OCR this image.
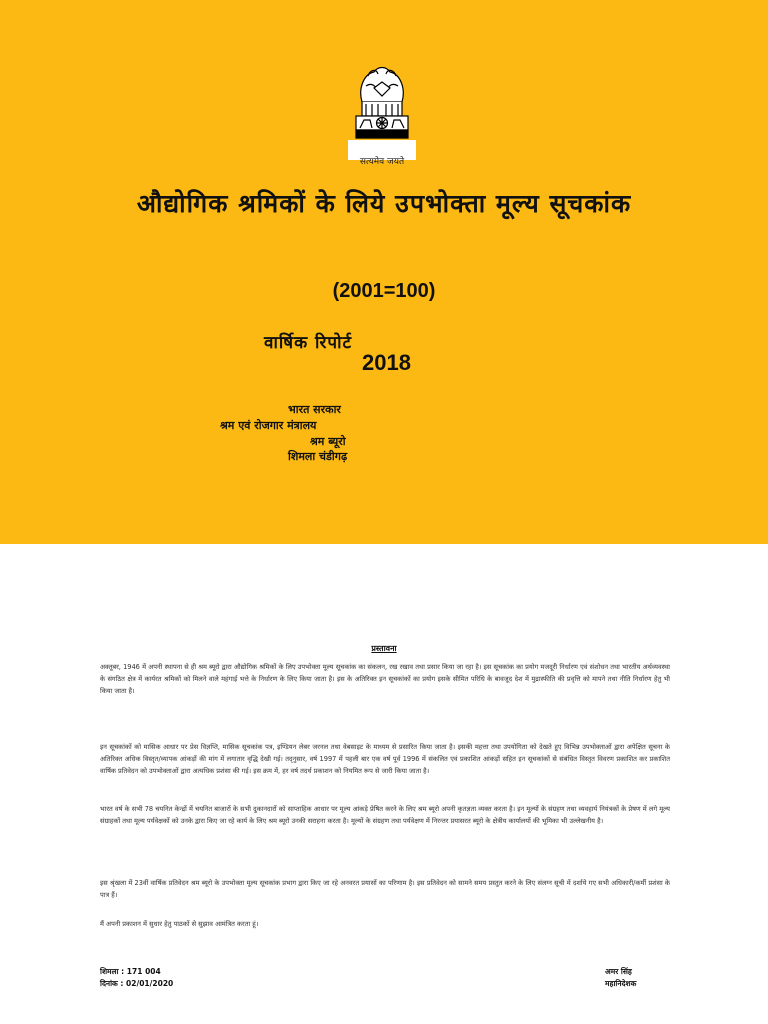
सत्यमेव जयते
औद्योगिक श्रमिकों के लिये उपभोक्ता मूल्य सूचकांक
(2001=100)
वार्षिक रिपोर्ट
2018
भारत सरकार
श्रम एवं रोजगार मंत्रालय
श्रम ब्यूरो
शिमला चंडीगढ़
प्रस्तावना

अक्तूबर, 1946 में अपनी स्थापना से ही श्रम ब्यूरो द्वारा औद्योगिक श्रमिकों के लिए उपभोक्ता मूल्य सूचकांक का संकलन, रख रखाव तथा प्रसार किया जा रहा है। इस सूचकांक का प्रयोग मजदूरी निर्धारण एवं संशोधन तथा भारतीय अर्थव्यवस्था के संगठित क्षेत्र में कार्यरत श्रमिकों को मिलने वाले महंगाई भत्ते के निर्धारण के लिए किया जाता है। इस के अतिरिक्त इन सूचकांकों का प्रयोग इसके सीमित परिधि के बावजूद देश में मुद्रास्फीति की प्रवृत्ति को मापने तथा नीति निर्धारण हेतु भी किया जाता है।

इन सूचकांकों को मासिक आधार पर प्रेस विज्ञप्ति, मासिक सूचकांक पत्र, इण्डियन लेबर जरनल तथा वेबसाइट के माध्यम से प्रसारित किया जाता है। इसकी महत्ता तथा उपयोगिता को देखते हुए विभिन्न उपभोक्ताओं द्वारा अपेक्षित सूचना के अतिरिक्त अधिक विस्तृत/व्यापक आंकड़ों की मांग में लगातार वृद्धि देखी गई। तद्नुसार, वर्ष 1997 में पहली बार एक वर्ष पूर्व 1996 में संकलित एवं प्रकाशित आंकड़ों सहित इन सूचकांकों से संबंधित विस्तृत विवरण प्रकाशित कर प्रकाशित वार्षिक प्रतिवेदन को उपभोक्ताओं द्वारा अत्यधिक प्रशंसा की गई। इस क्रम में, हर वर्ष तदर्थ प्रकाशन को नियमित रूप से जारी किया जाता है।

भारत वर्ष के सभी 78 चयनित केन्द्रों में चयनित बाजारों के सभी दुकानदारों को साप्ताहिक आधार पर मूल्य आंकड़े प्रेषित करने के लिए श्रम ब्यूरो अपनी कृतज्ञता व्यक्त करता है। इन मूल्यों के संग्रहण तथा व्यवहार्य नियंत्रकों के प्रेषण में लगे मूल्य संग्राहकों तथा मूल्य पर्यवेक्षकों को उनके द्वारा किए जा रहे कार्य के लिए श्रम ब्यूरो उनकी सराहना करता है। मूल्यों के संग्रहण तथा पर्यवेक्षण में निरन्तर प्रयासरत ब्यूरो के क्षेत्रीय कार्यालयों की भूमिका भी उल्लेखनीय है।

इस श्रृंखला में 23वीं वार्षिक प्रतिवेदन श्रम ब्यूरो के उपभोक्ता मूल्य सूचकांक प्रभाग द्वारा किए जा रहे अनवरत प्रयासों का परिणाम है। इस प्रतिवेदन को सामने समय प्रस्तुत करने के लिए संलग्न सूची में दर्शाये गए सभी अधिकारी/कर्मी प्रशंसा के पात्र हैं।

मैं अपनी प्रकाशन में सुधार हेतु पाठकों से सुझाव आमंत्रित करता हूं।

शिमला : 171 004
दिनांक : 02/01/2020
अमर सिंह
महानिदेशक
